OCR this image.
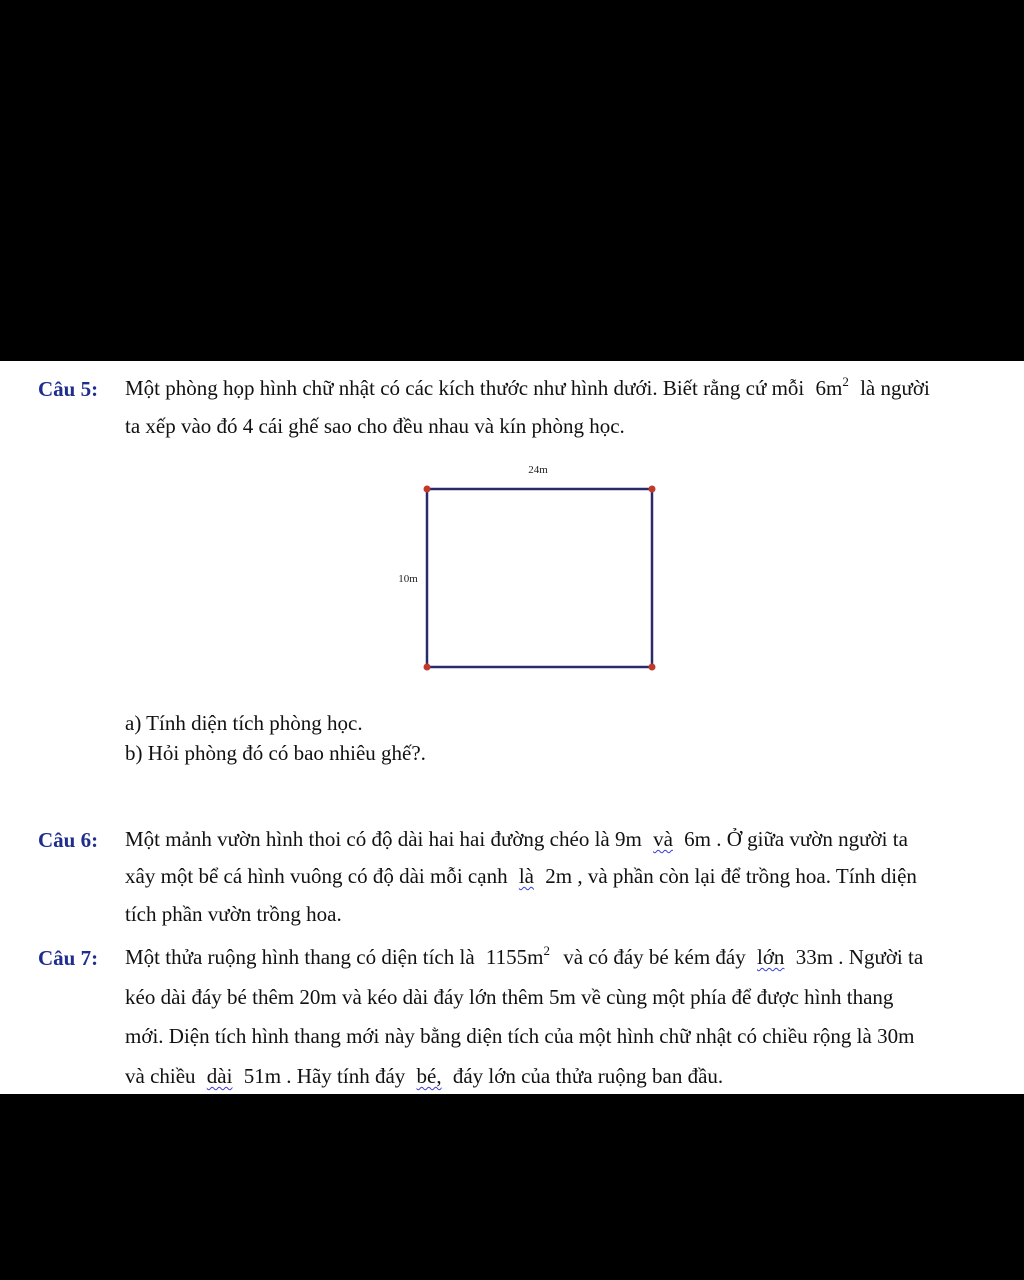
Câu 5: Một phòng họp hình chữ nhật có các kích thước như hình dưới. Biết rằng cứ mỗi $6m^2$ là người
ta xếp vào đó 4 cái ghế sao cho đều nhau và kín phòng học.
24m
10m
a) Tính diện tích phòng học.
b) Hỏi phòng đó có bao nhiêu ghế?.
Câu 6: Một mảnh vườn hình thoi có độ dài hai hai đường chéo là 9m và 6m . Ở giữa vườn người ta
xây một bể cá hình vuông có độ dài mỗi cạnh là 2m , và phần còn lại để trồng hoa. Tính diện
tích phần vườn trồng hoa.
Câu 7: Một thửa ruộng hình thang có diện tích là $1155m^2$ và có đáy bé kém đáy lớn 33m . Người ta
kéo dài đáy bé thêm 20m và kéo dài đáy lớn thêm 5m về cùng một phía để được hình thang
mới. Diện tích hình thang mới này bằng diện tích của một hình chữ nhật có chiều rộng là 30m
và chiều dài 51m . Hãy tính đáy bé, đáy lớn của thửa ruộng ban đầu.
